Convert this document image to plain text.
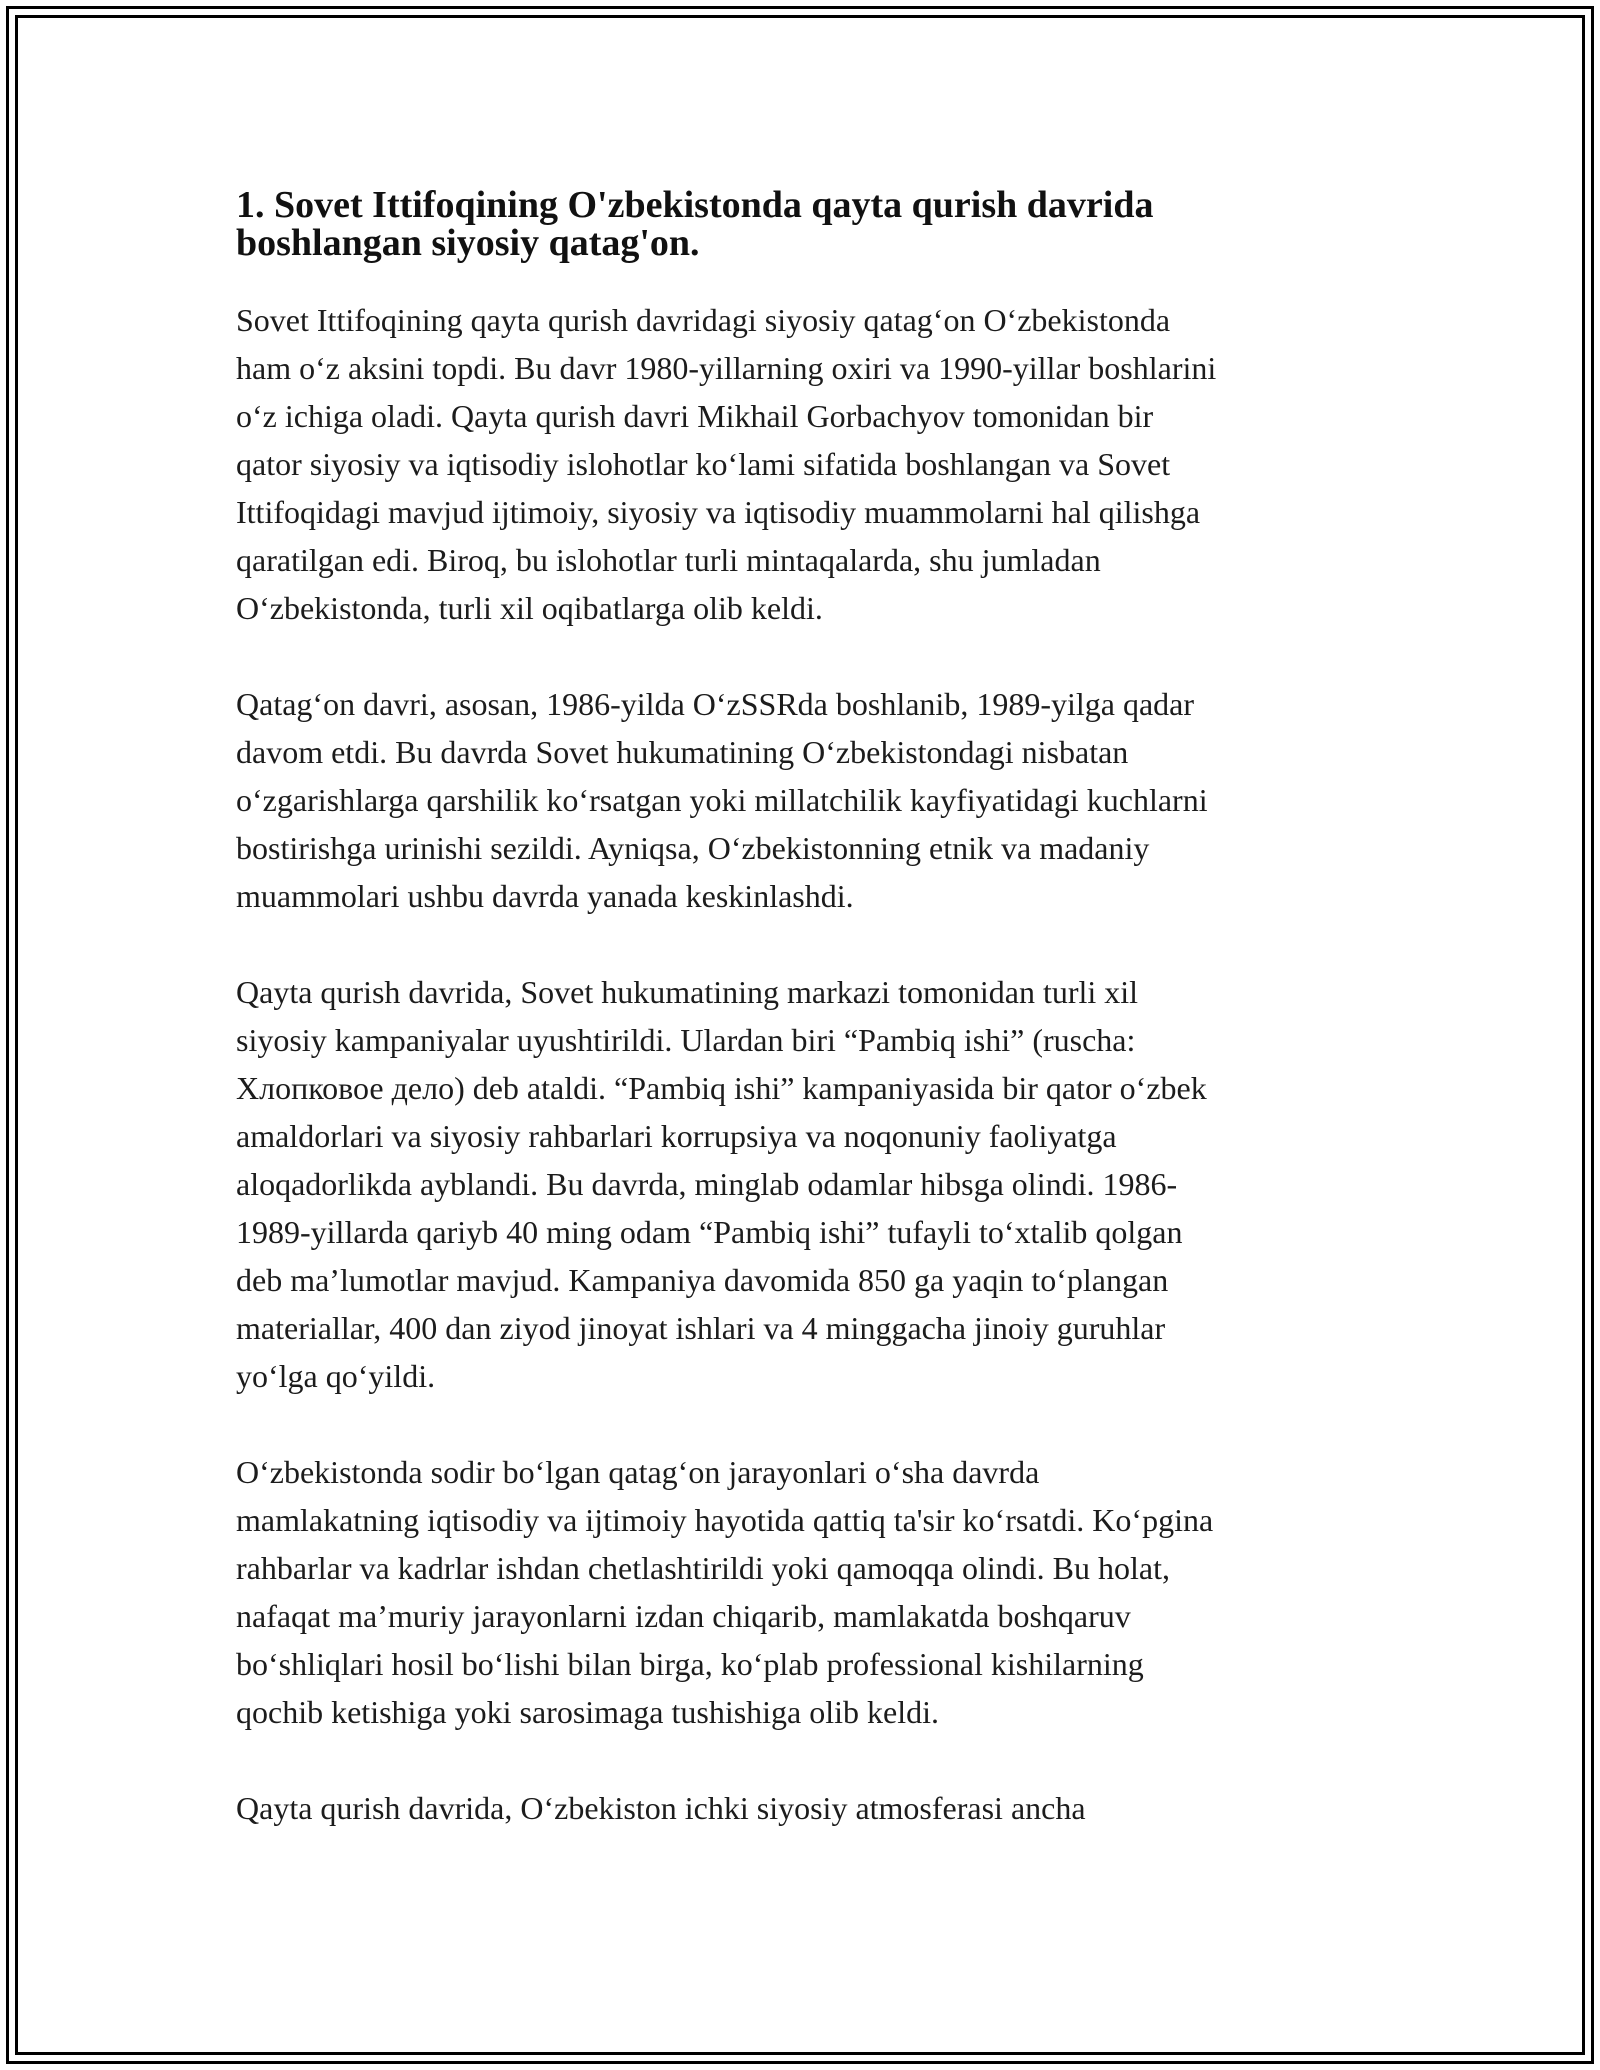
1. Sovet Ittifoqining O'zbekistonda qayta qurish davrida
boshlangan siyosiy qatag'on.
Sovet Ittifoqining qayta qurish davridagi siyosiy qatag‘on O‘zbekistonda
ham o‘z aksini topdi. Bu davr 1980-yillarning oxiri va 1990-yillar boshlarini
o‘z ichiga oladi. Qayta qurish davri Mikhail Gorbachyov tomonidan bir
qator siyosiy va iqtisodiy islohotlar ko‘lami sifatida boshlangan va Sovet
Ittifoqidagi mavjud ijtimoiy, siyosiy va iqtisodiy muammolarni hal qilishga
qaratilgan edi. Biroq, bu islohotlar turli mintaqalarda, shu jumladan
O‘zbekistonda, turli xil oqibatlarga olib keldi.
Qatag‘on davri, asosan, 1986-yilda O‘zSSRda boshlanib, 1989-yilga qadar
davom etdi. Bu davrda Sovet hukumatining O‘zbekistondagi nisbatan
o‘zgarishlarga qarshilik ko‘rsatgan yoki millatchilik kayfiyatidagi kuchlarni
bostirishga urinishi sezildi. Ayniqsa, O‘zbekistonning etnik va madaniy
muammolari ushbu davrda yanada keskinlashdi.
Qayta qurish davrida, Sovet hukumatining markazi tomonidan turli xil
siyosiy kampaniyalar uyushtirildi. Ulardan biri “Pambiq ishi” (ruscha:
Хлопковое дело) deb ataldi. “Pambiq ishi” kampaniyasida bir qator o‘zbek
amaldorlari va siyosiy rahbarlari korrupsiya va noqonuniy faoliyatga
aloqadorlikda ayblandi. Bu davrda, minglab odamlar hibsga olindi. 1986-
1989-yillarda qariyb 40 ming odam “Pambiq ishi” tufayli to‘xtalib qolgan
deb ma’lumotlar mavjud. Kampaniya davomida 850 ga yaqin to‘plangan
materiallar, 400 dan ziyod jinoyat ishlari va 4 minggacha jinoiy guruhlar
yo‘lga qo‘yildi.
O‘zbekistonda sodir bo‘lgan qatag‘on jarayonlari o‘sha davrda
mamlakatning iqtisodiy va ijtimoiy hayotida qattiq ta'sir ko‘rsatdi. Ko‘pgina
rahbarlar va kadrlar ishdan chetlashtirildi yoki qamoqqa olindi. Bu holat,
nafaqat ma’muriy jarayonlarni izdan chiqarib, mamlakatda boshqaruv
bo‘shliqlari hosil bo‘lishi bilan birga, ko‘plab professional kishilarning
qochib ketishiga yoki sarosimaga tushishiga olib keldi.
Qayta qurish davrida, O‘zbekiston ichki siyosiy atmosferasi ancha
